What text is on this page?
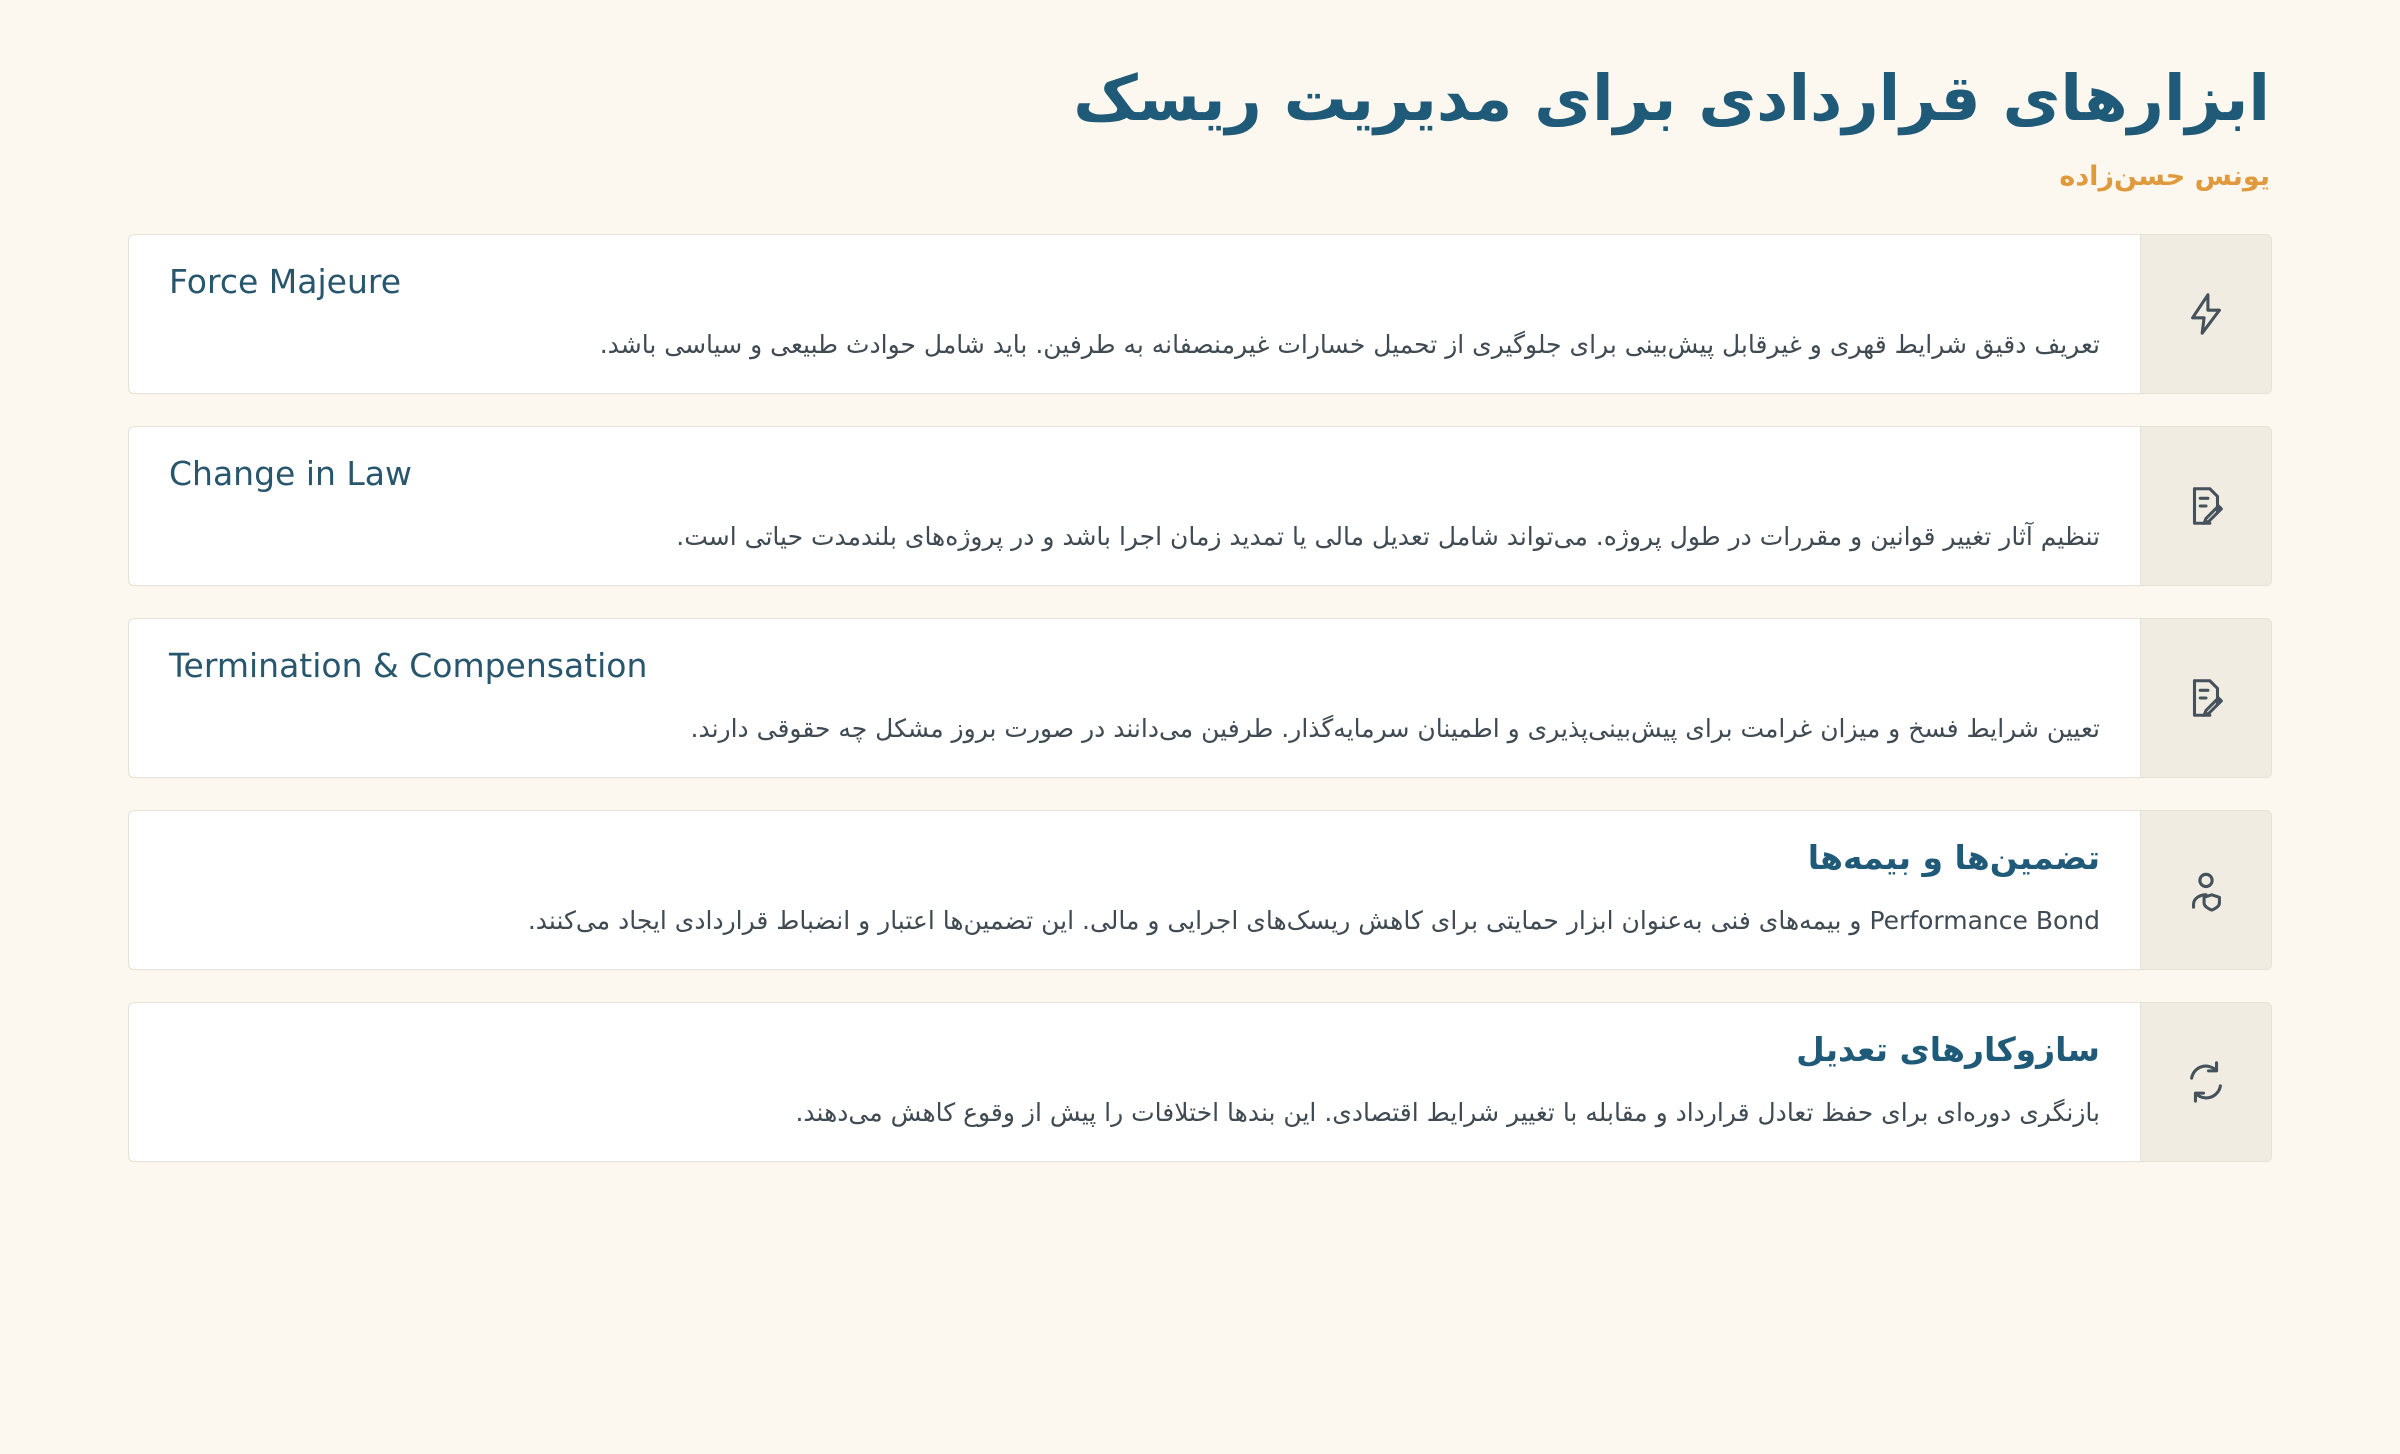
ابزارهای قراردادی برای مدیریت ریسک
یونس حسن‌زاده
Force Majeure
تعریف دقیق شرایط قهری و غیرقابل پیش‌بینی برای جلوگیری از تحمیل خسارات غیرمنصفانه به طرفین. باید شامل حوادث طبیعی و سیاسی باشد.
Change in Law
تنظیم آثار تغییر قوانین و مقررات در طول پروژه. می‌تواند شامل تعدیل مالی یا تمدید زمان اجرا باشد و در پروژه‌های بلندمدت حیاتی است.
Termination & Compensation
تعیین شرایط فسخ و میزان غرامت برای پیش‌بینی‌پذیری و اطمینان سرمایه‌گذار. طرفین می‌دانند در صورت بروز مشکل چه حقوقی دارند.
تضمین‌ها و بیمه‌ها
Performance Bond و بیمه‌های فنی به‌عنوان ابزار حمایتی برای کاهش ریسک‌های اجرایی و مالی. این تضمین‌ها اعتبار و انضباط قراردادی ایجاد می‌کنند.
سازوکارهای تعدیل
بازنگری دوره‌ای برای حفظ تعادل قرارداد و مقابله با تغییر شرایط اقتصادی. این بندها اختلافات را پیش از وقوع کاهش می‌دهند.
